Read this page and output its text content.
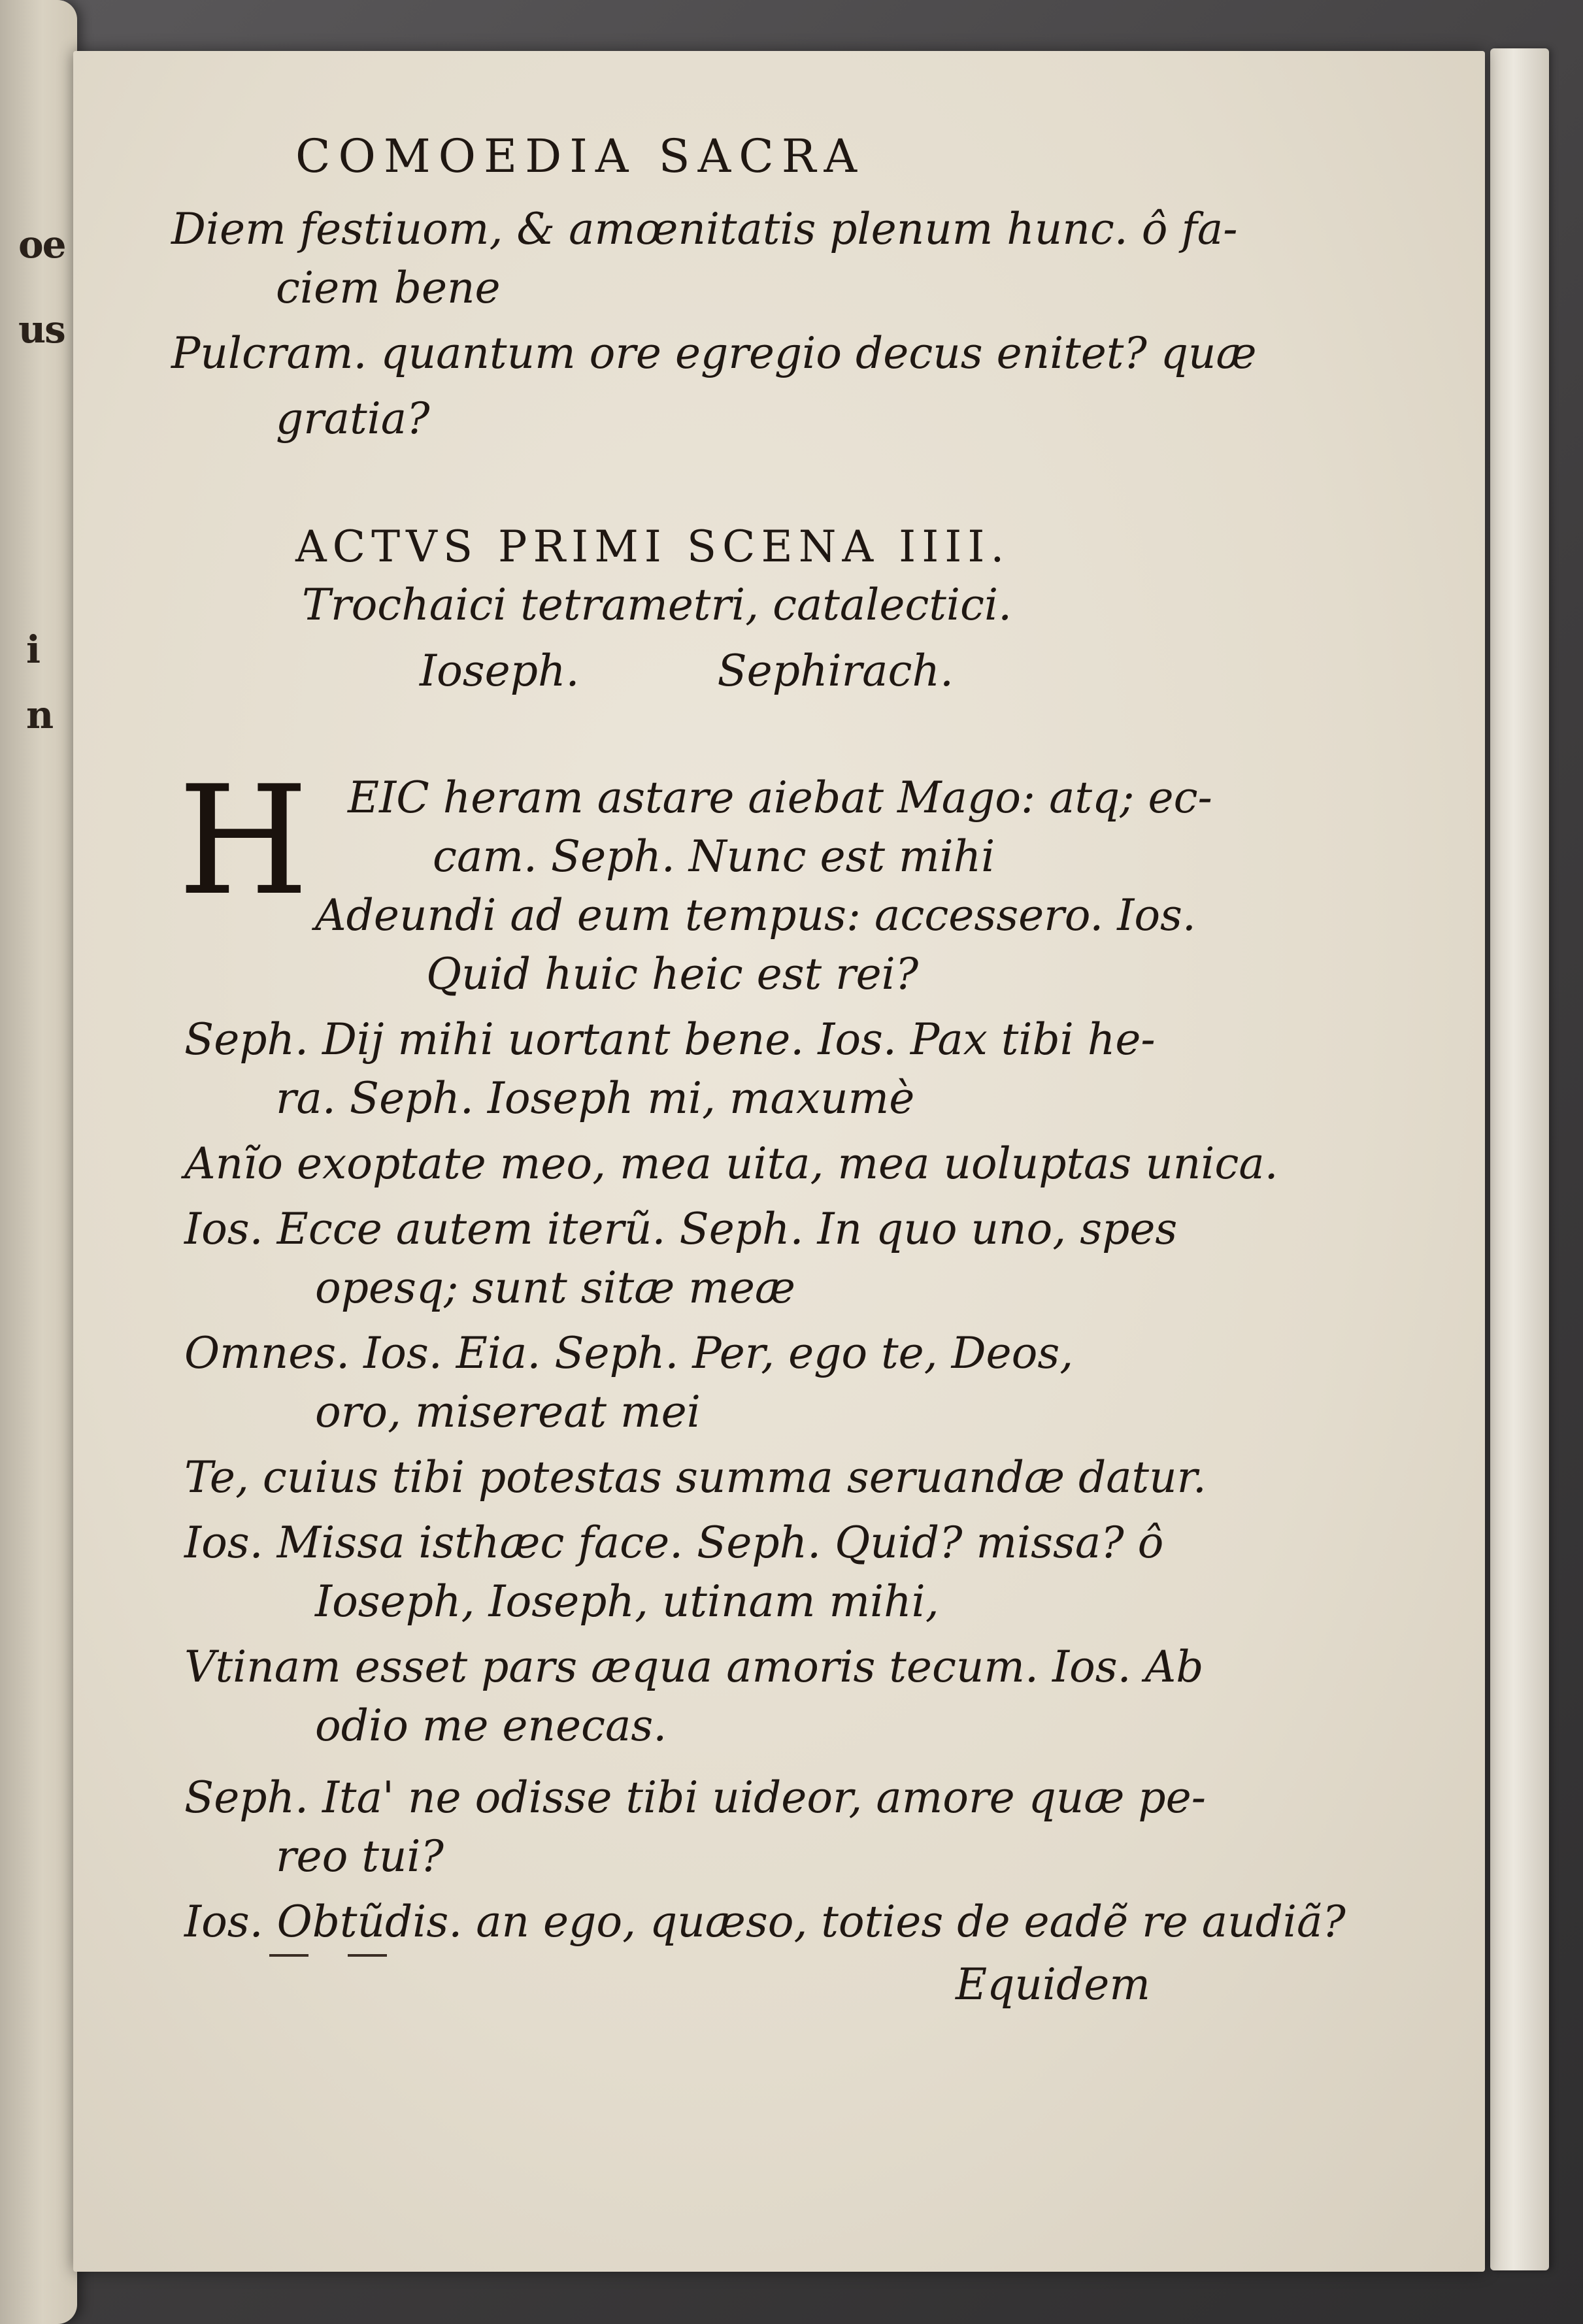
oe
us
i
n
COMOEDIA SACRA
Diem festiuom, & amœnitatis plenum hunc. ô fa-
ciem bene
Pulcram. quantum ore egregio decus enitet? quæ
gratia?
ACTVS PRIMI SCENA IIII.
Trochaici tetrametri, catalectici.
Ioseph.	Sephirach.
H EIC heram astare aiebat Mago: atq; ec-
cam. Seph. Nunc est mihi
Adeundi ad eum tempus: accessero. Ios.
Quid huic heic est rei?
Seph. Dij mihi uortant bene. Ios. Pax tibi he-
ra. Seph. Ioseph mi, maxumè
Anĩo exoptate meo, mea uita, mea uoluptas unica.
Ios. Ecce autem iterũ. Seph. In quo uno, spes
opesq; sunt sitæ meæ
Omnes. Ios. Eia. Seph. Per, ego te, Deos,
oro, misereat mei
Te, cuius tibi potestas summa seruandæ datur.
Ios. Missa isthæc face. Seph. Quid? missa? ô
Ioseph, Ioseph, utinam mihi,
Vtinam esset pars æqua amoris tecum. Ios. Ab
odio me enecas.
Seph. Ita' ne odisse tibi uideor, amore quæ pe-
reo tui?
Ios. Obtũdis. an ego, quæso, toties de eadẽ re audiã?
Equidem
